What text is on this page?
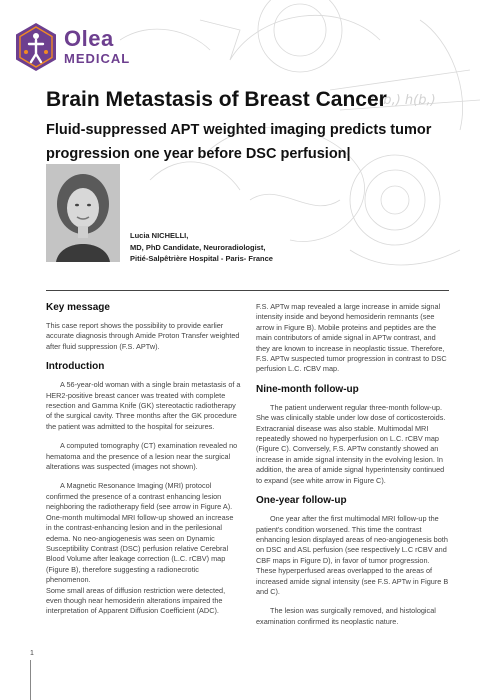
h(b,) h(b,)
Olea
MEDICAL
Brain Metastasis of Breast Cancer
Fluid-suppressed APT weighted imaging predicts tumor progression one year before DSC perfusion|
Lucia NICHELLI,
MD, PhD Candidate, Neuroradiologist,
Pitié-Salpêtrière Hospital - Paris- France
Key message

This case report shows the possibility to provide earlier accurate diagnosis through Amide Proton Transfer weighted after fluid suppression (F.S. APTw).

Introduction

A 56-year-old woman with a single brain metastasis of a HER2-positive breast cancer was treated with complete resection and Gamma Knife (GK) stereotactic radiotherapy of the surgical cavity. Three months after the GK procedure the patient was admitted to the hospital for seizures.

A computed tomography (CT) examination revealed no hematoma and the presence of a lesion near the surgical alterations was suspected (images not shown).

A Magnetic Resonance Imaging (MRI) protocol confirmed the presence of a contrast enhancing lesion neighboring the radiotherapy field (see arrow in Figure A). One-month multimodal MRI follow-up showed an increase in the contrast-enhancing lesion and in the perilesional edema. No neo-angiogenesis was seen on Dynamic Susceptibility Contrast (DSC) perfusion relative Cerebral Blood Volume after leakage correction (L.C. rCBV) map (Figure B), therefore suggesting a radionecrotic phenomenon.

Some small areas of diffusion restriction were detected, even though near hemosiderin alterations impaired the interpretation of Apparent Diffusion Coefficient (ADC).

F.S. APTw map revealed a large increase in amide signal intensity inside and beyond hemosiderin remnants (see arrow in Figure B). Mobile proteins and peptides are the main contributors of amide signal in APTw contrast, and they are known to increase in neoplastic tissue. Therefore, F.S. APTw suspected tumor progression in contrast to DSC perfusion L.C. rCBV map.

Nine-month follow-up

The patient underwent regular three-month follow-up. She was clinically stable under low dose of corticosteroids. Extracranial disease was also stable. Multimodal MRI repeatedly showed no hyperperfusion on L.C. rCBV map (Figure C). Conversely, F.S. APTw constantly showed an increase in amide signal intensity in the evolving lesion. In addition, the area of amide signal hyperintensity continued to expand (see white arrow in Figure C).

One-year follow-up

One year after the first multimodal MRI follow-up the patient's condition worsened. This time the contrast enhancing lesion displayed areas of neo-angiogenesis both on DSC and ASL perfusion (see respectively L.C rCBV and CBF maps in Figure D), in favor of tumor progression. These hyperperfused areas overlapped to the areas of increased amide signal intensity (see F.S. APTw in Figure B and C).

The lesion was surgically removed, and histological examination confirmed its neoplastic nature.

1
